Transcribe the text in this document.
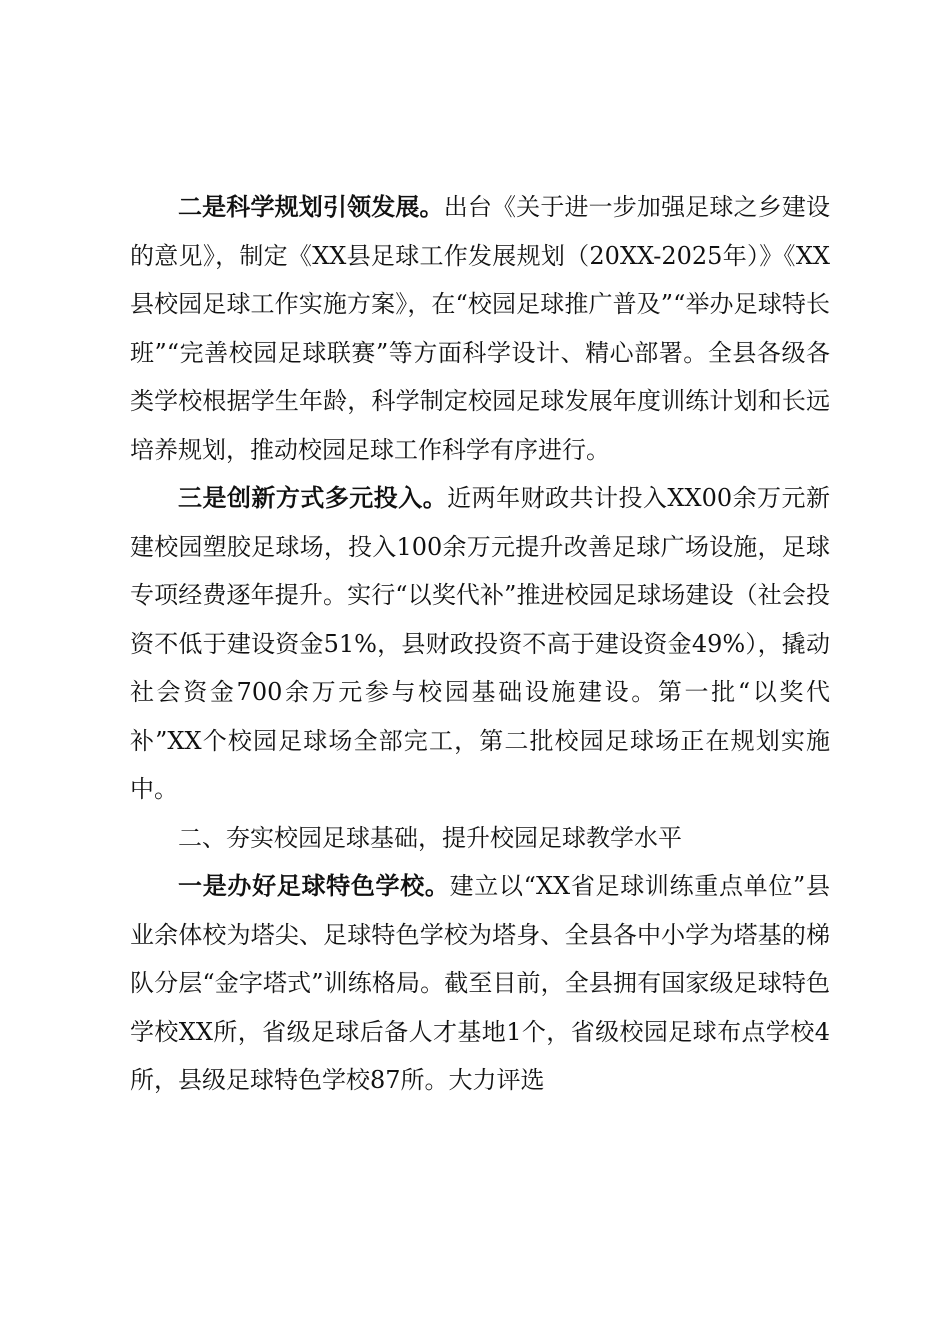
二是科学规划引领发展。出台《关于进一步加强足球之乡建设的意见》，制定《XX县足球工作发展规划（20XX-2025年）》《XX县校园足球工作实施方案》，在“校园足球推广普及”“举办足球特长班”“完善校园足球联赛”等方面科学设计、精心部署。全县各级各类学校根据学生年龄，科学制定校园足球发展年度训练计划和长远培养规划，推动校园足球工作科学有序进行。

三是创新方式多元投入。近两年财政共计投入XX00余万元新建校园塑胶足球场，投入100余万元提升改善足球广场设施，足球专项经费逐年提升。实行“以奖代补”推进校园足球场建设（社会投资不低于建设资金51%，县财政投资不高于建设资金49%），撬动社会资金700余万元参与校园基础设施建设。第一批“以奖代补”XX个校园足球场全部完工，第二批校园足球场正在规划实施中。

二、夯实校园足球基础，提升校园足球教学水平

一是办好足球特色学校。建立以“XX省足球训练重点单位”县业余体校为塔尖、足球特色学校为塔身、全县各中小学为塔基的梯队分层“金字塔式”训练格局。截至目前，全县拥有国家级足球特色学校XX所，省级足球后备人才基地1个，省级校园足球布点学校4所，县级足球特色学校87所。大力评选
